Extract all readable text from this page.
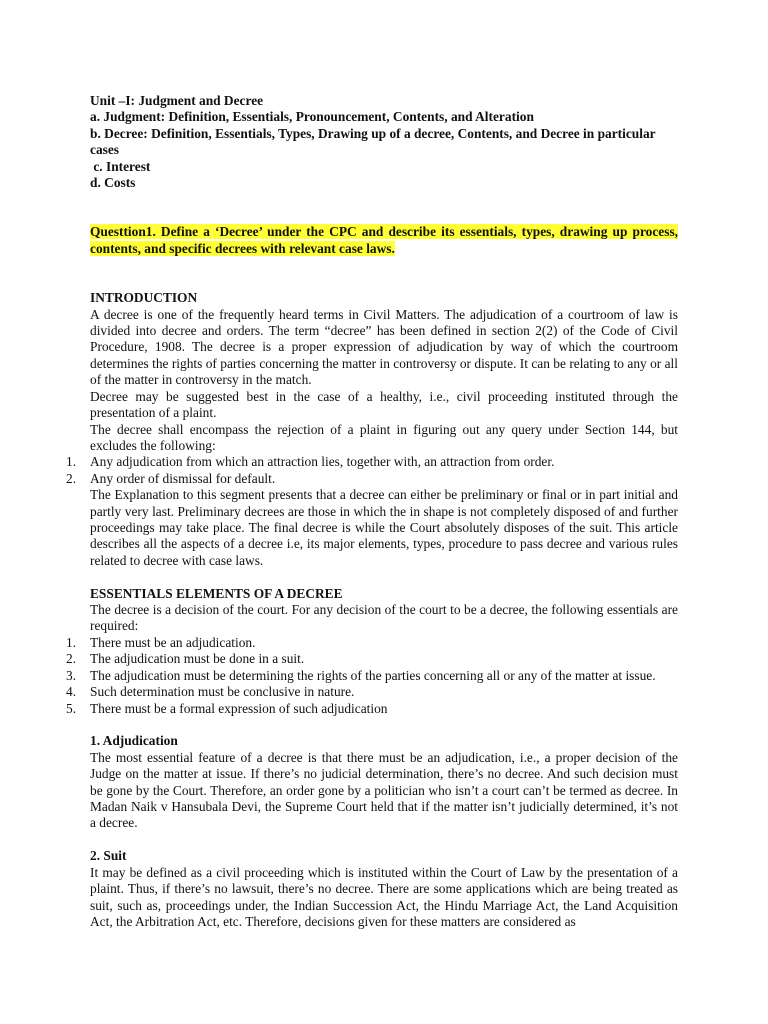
Unit –I: Judgment and Decree

a. Judgment: Definition, Essentials, Pronouncement, Contents, and Alteration

b. Decree: Definition, Essentials, Types, Drawing up of a decree, Contents, and Decree in particular cases

c. Interest

d. Costs

Questtion1. Define a ‘Decree’ under the CPC and describe its essentials, types, drawing up process, contents, and specific decrees with relevant case laws.

INTRODUCTION

A decree is one of the frequently heard terms in Civil Matters. The adjudication of a courtroom of law is divided into decree and orders. The term “decree” has been defined in section 2(2) of the Code of Civil Procedure, 1908. The decree is a proper expression of adjudication by way of which the courtroom determines the rights of parties concerning the matter in controversy or dispute. It can be relating to any or all of the matter in controversy in the match.

Decree may be suggested best in the case of a healthy, i.e., civil proceeding instituted through the presentation of a plaint.

The decree shall encompass the rejection of a plaint in figuring out any query under Section 144, but excludes the following:

1. Any adjudication from which an attraction lies, together with, an attraction from order.
2. Any order of dismissal for default.

The Explanation to this segment presents that a decree can either be preliminary or final or in part initial and partly very last. Preliminary decrees are those in which the in shape is not completely disposed of and further proceedings may take place. The final decree is while the Court absolutely disposes of the suit. This article describes all the aspects of a decree i.e, its major elements, types, procedure to pass decree and various rules related to decree with case laws.

ESSENTIALS ELEMENTS OF A DECREE

The decree is a decision of the court. For any decision of the court to be a decree, the following essentials are required:

1. There must be an adjudication.
2. The adjudication must be done in a suit.
3. The adjudication must be determining the rights of the parties concerning all or any of the matter at issue.
4. Such determination must be conclusive in nature.
5. There must be a formal expression of such adjudication
1. Adjudication

The most essential feature of a decree is that there must be an adjudication, i.e., a proper decision of the Judge on the matter at issue. If there’s no judicial determination, there’s no decree. And such decision must be gone by the Court. Therefore, an order gone by a politician who isn’t a court can’t be termed as decree. In Madan Naik v Hansubala Devi, the Supreme Court held that if the matter isn’t judicially determined, it’s not a decree.

2. Suit

It may be defined as a civil proceeding which is instituted within the Court of Law by the presentation of a plaint. Thus, if there’s no lawsuit, there’s no decree. There are some applications which are being treated as suit, such as, proceedings under, the Indian Succession Act, the Hindu Marriage Act, the Land Acquisition Act, the Arbitration Act, etc. Therefore, decisions given for these matters are considered as
